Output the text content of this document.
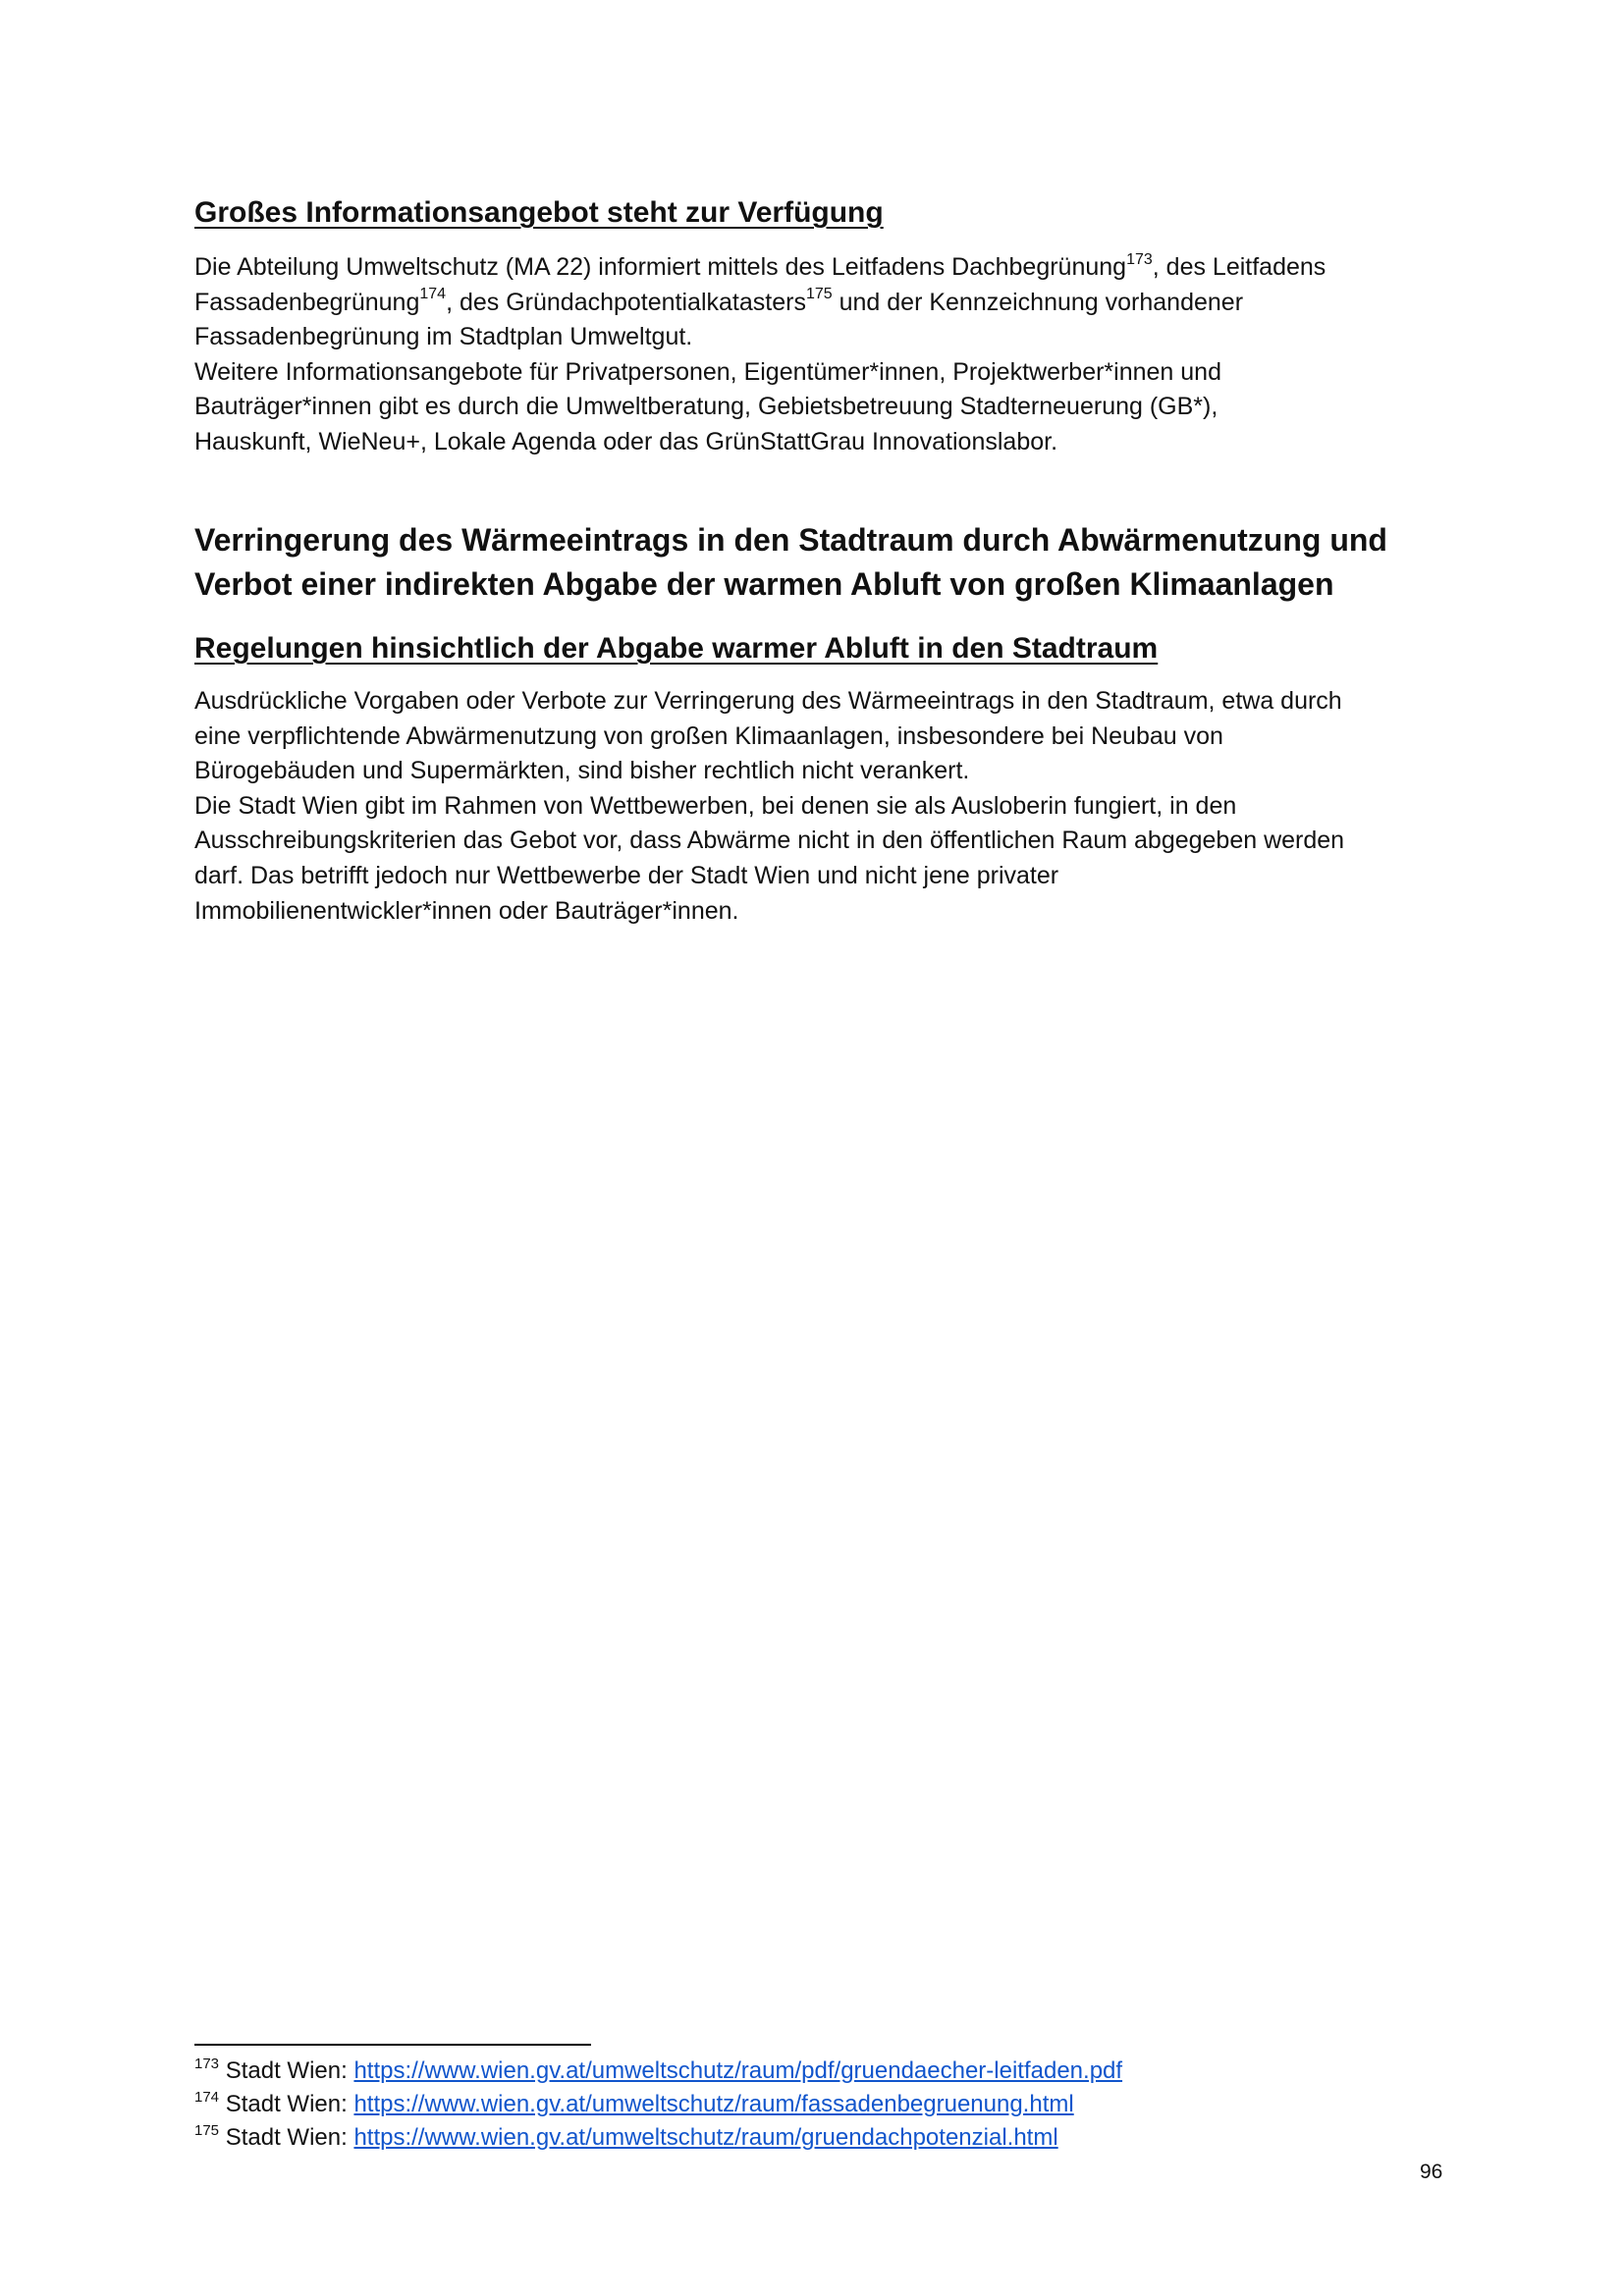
Großes Informationsangebot steht zur Verfügung
Die Abteilung Umweltschutz (MA 22) informiert mittels des Leitfadens Dachbegrünung$^{173}$, des Leitfadens
Fassadenbegrünung$^{174}$, des Gründachpotentialkatasters$^{175}$ und der Kennzeichnung vorhandener
Fassadenbegrünung im Stadtplan Umweltgut.
Weitere Informationsangebote für Privatpersonen, Eigentümer*innen, Projektwerber*innen und
Bauträger*innen gibt es durch die Umweltberatung, Gebietsbetreuung Stadterneuerung (GB*),
Hauskunft, WieNeu+, Lokale Agenda oder das GrünStattGrau Innovationslabor.
Verringerung des Wärmeeintrags in den Stadtraum durch Abwärmenutzung und
Verbot einer indirekten Abgabe der warmen Abluft von großen Klimaanlagen
Regelungen hinsichtlich der Abgabe warmer Abluft in den Stadtraum
Ausdrückliche Vorgaben oder Verbote zur Verringerung des Wärmeeintrags in den Stadtraum, etwa durch
eine verpflichtende Abwärmenutzung von großen Klimaanlagen, insbesondere bei Neubau von
Bürogebäuden und Supermärkten, sind bisher rechtlich nicht verankert.
Die Stadt Wien gibt im Rahmen von Wettbewerben, bei denen sie als Ausloberin fungiert, in den
Ausschreibungskriterien das Gebot vor, dass Abwärme nicht in den öffentlichen Raum abgegeben werden
darf. Das betrifft jedoch nur Wettbewerbe der Stadt Wien und nicht jene privater
Immobilienentwickler*innen oder Bauträger*innen.
$^{173}$ Stadt Wien: https://www.wien.gv.at/umweltschutz/raum/pdf/gruendaecher-leitfaden.pdf
$^{174}$ Stadt Wien: https://www.wien.gv.at/umweltschutz/raum/fassadenbegruenung.html
$^{175}$ Stadt Wien: https://www.wien.gv.at/umweltschutz/raum/gruendachpotenzial.html
96
